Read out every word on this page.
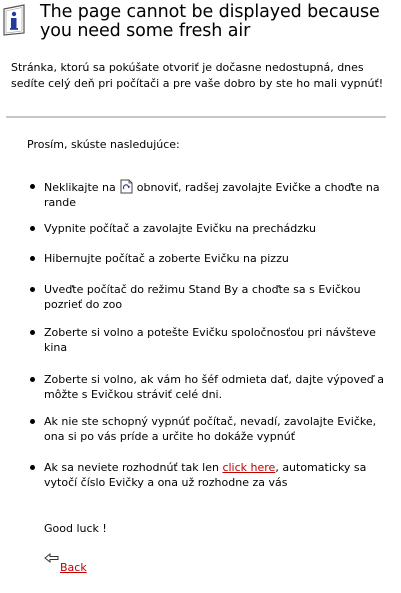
The page cannot be displayed because you need some fresh air
Stránka, ktorú sa pokúšate otvoriť je dočasne nedostupná, dnes sedíte celý deň pri počítači a pre vaše dobro by ste ho mali vypnúť!
Prosím, skúste nasledujúce:
Neklikajte na obnoviť, radšej zavolajte Evičke a choďte na rande
Vypnite počítač a zavolajte Evičku na prechádzku
Hibernujte počítač a zoberte Evičku na pizzu
Uveďte počítač do režimu Stand By a choďte sa s Evičkou pozrieť do zoo
Zoberte si volno a potešte Evičku spoločnosťou pri návšteve kina
Zoberte si volno, ak vám ho šéf odmieta dať, dajte výpoveď a môžte s Evičkou stráviť celé dni.
Ak nie ste schopný vypnúť počítač, nevadí, zavolajte Evičke, ona si po vás príde a určite ho dokáže vypnúť
Ak sa neviete rozhodnúť tak len click here, automaticky sa vytočí číslo Evičky a ona už rozhodne za vás
Good luck !
Back
